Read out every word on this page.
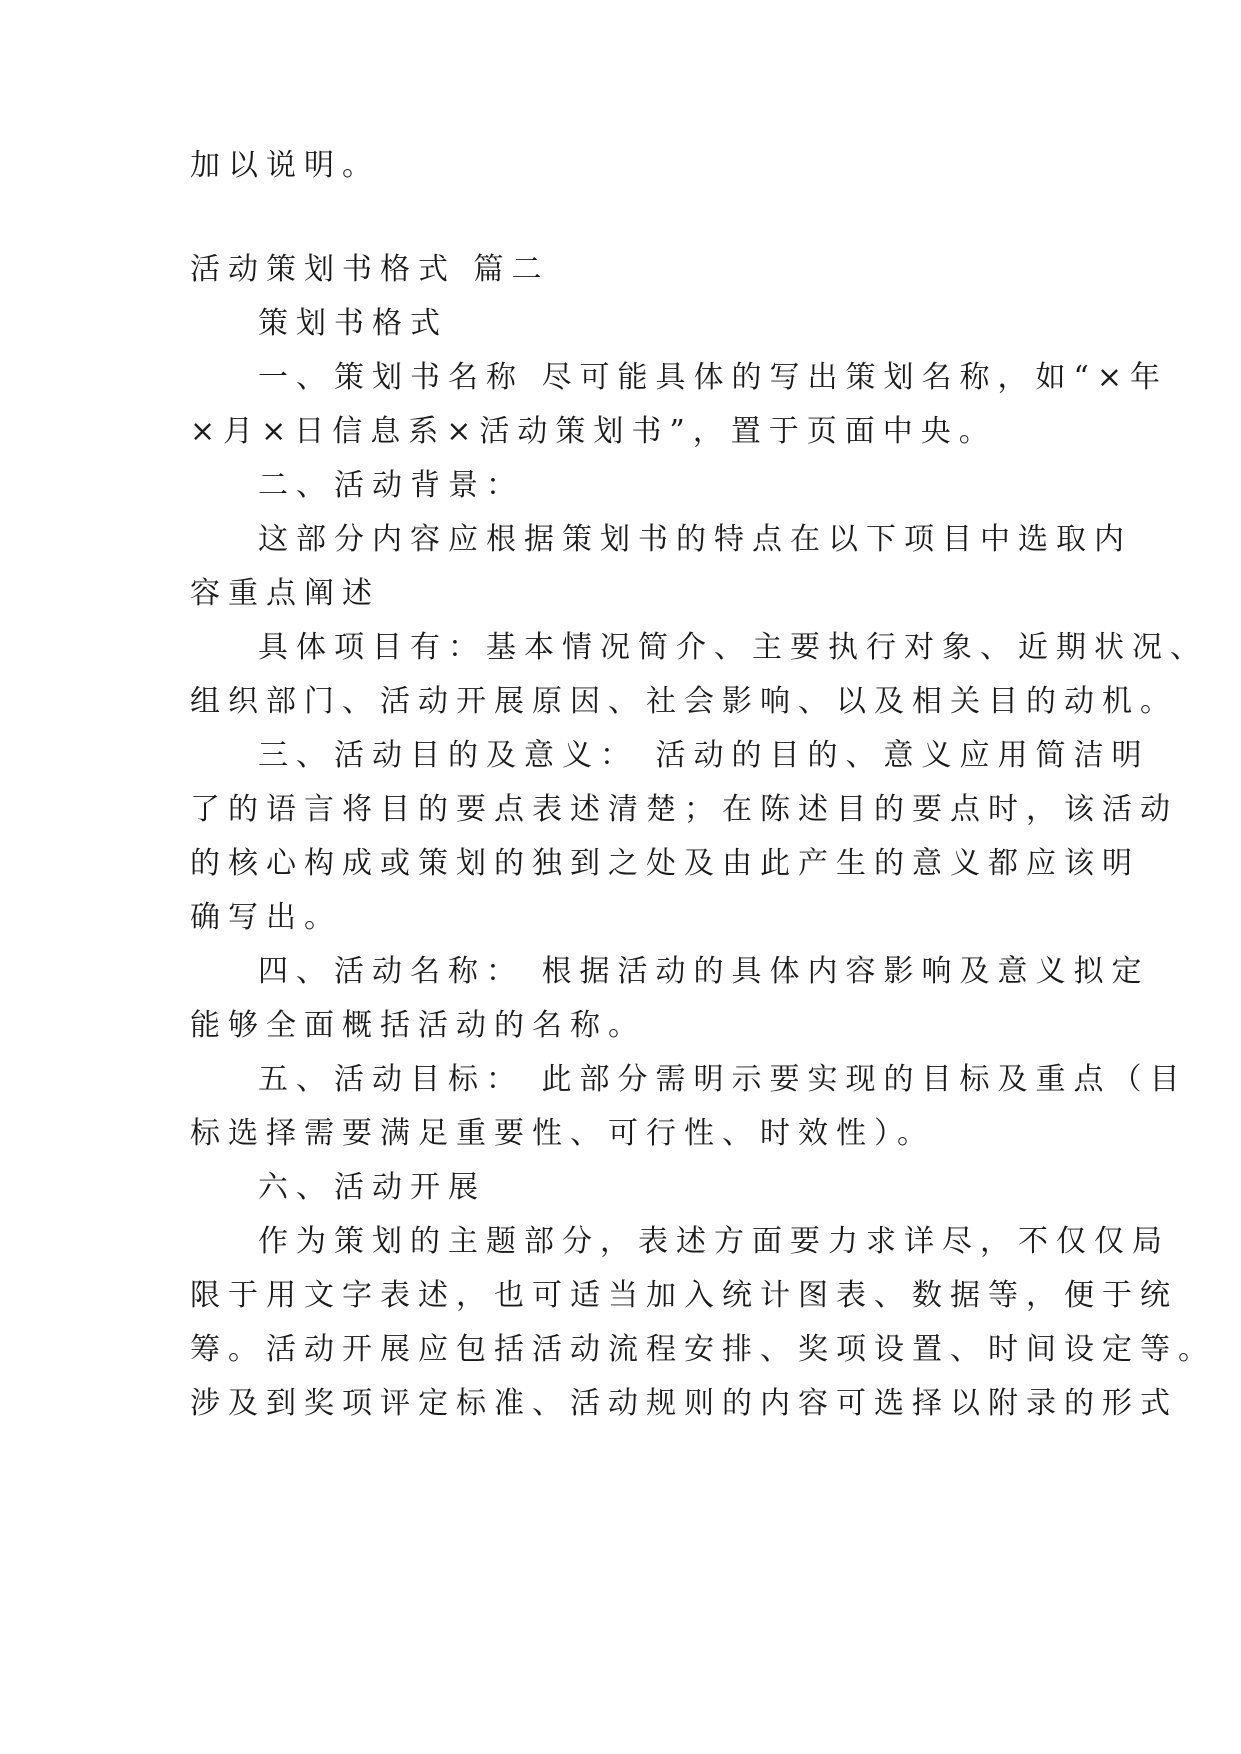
加以说明。
活动策划书格式 篇二
策划书格式
一、策划书名称 尽可能具体的写出策划名称，如“×年
×月×日信息系×活动策划书”，置于页面中央。
二、活动背景：
这部分内容应根据策划书的特点在以下项目中选取内
容重点阐述
具体项目有：基本情况简介、主要执行对象、近期状况、
组织部门、活动开展原因、社会影响、以及相关目的动机。
三、活动目的及意义： 活动的目的、意义应用简洁明
了的语言将目的要点表述清楚；在陈述目的要点时，该活动
的核心构成或策划的独到之处及由此产生的意义都应该明
确写出。
四、活动名称： 根据活动的具体内容影响及意义拟定
能够全面概括活动的名称。
五、活动目标： 此部分需明示要实现的目标及重点（目
标选择需要满足重要性、可行性、时效性）。
六、活动开展
作为策划的主题部分，表述方面要力求详尽，不仅仅局
限于用文字表述，也可适当加入统计图表、数据等，便于统
筹。活动开展应包括活动流程安排、奖项设置、时间设定等。
涉及到奖项评定标准、活动规则的内容可选择以附录的形式
